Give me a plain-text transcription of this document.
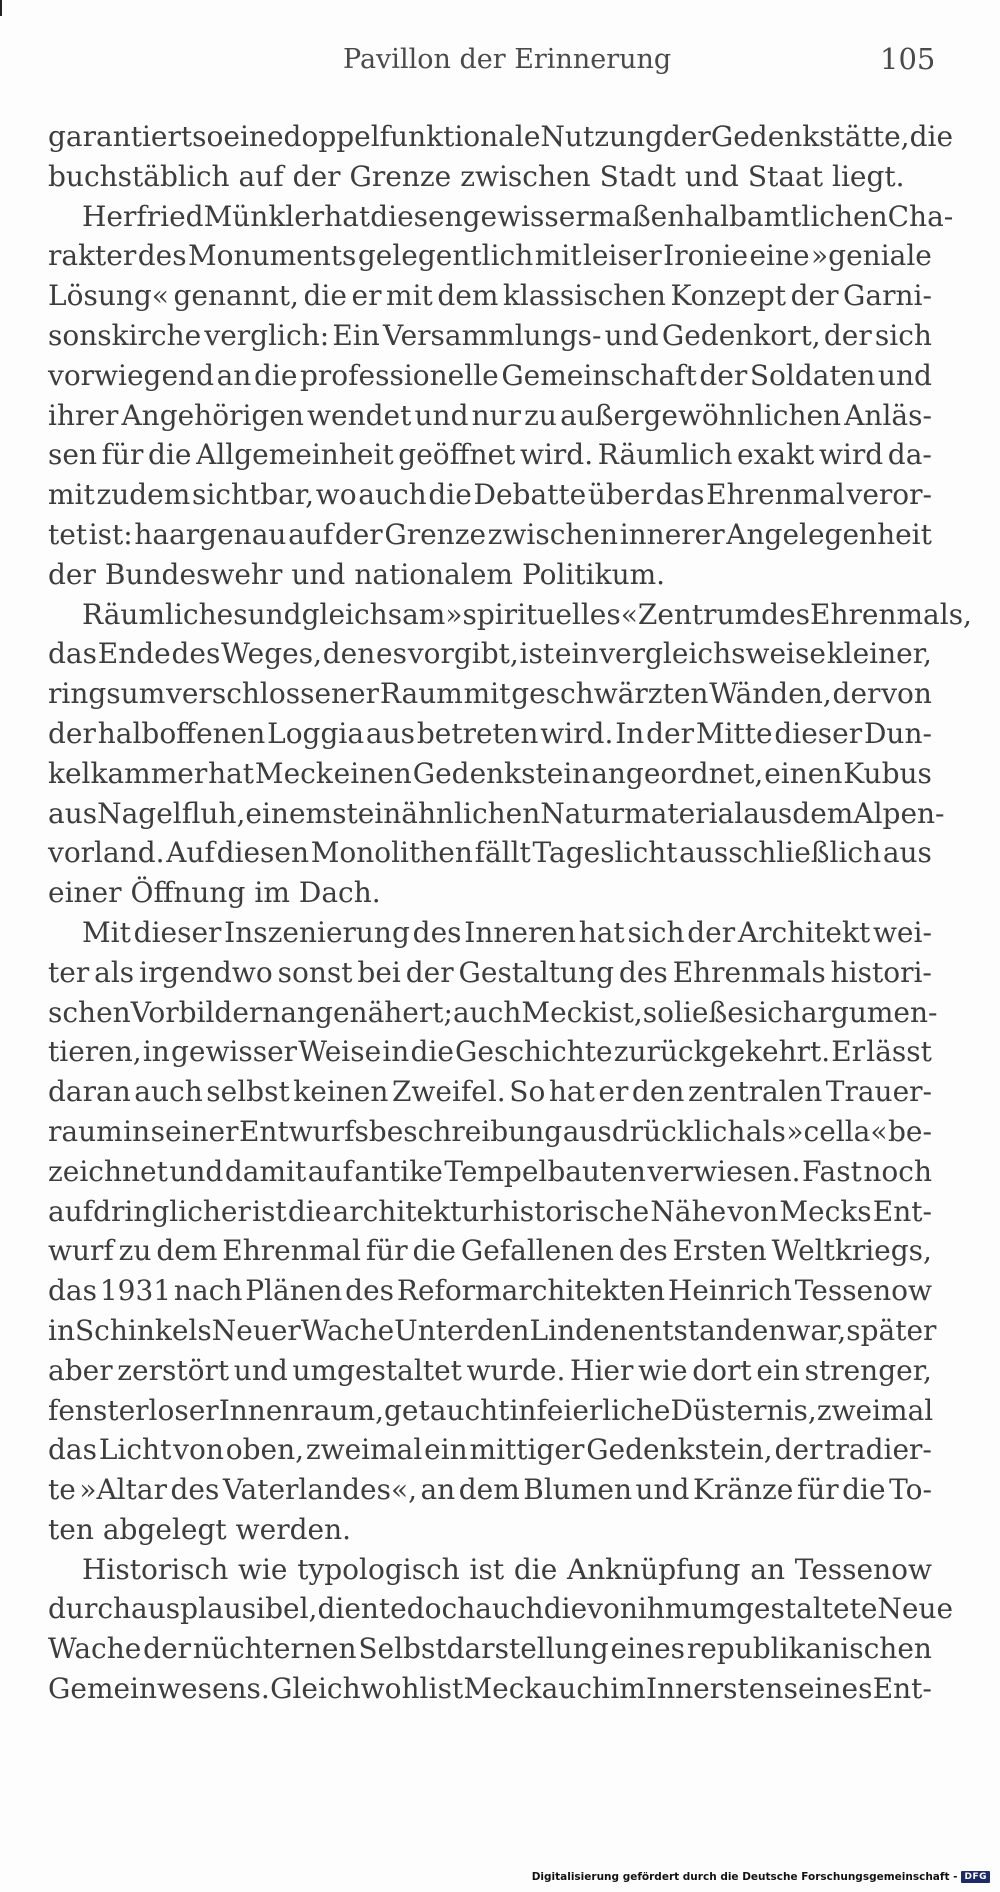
Pavillon der Erinnerung	105
garantiert so eine doppelfunktionale Nutzung der Gedenkstätte, die
buchstäblich auf der Grenze zwischen Stadt und Staat liegt.
Herfried Münkler hat diesen gewissermaßen halbamtlichen Cha-
rakter des Monuments gelegentlich mit leiser Ironie eine »geniale
Lösung« genannt, die er mit dem klassischen Konzept der Garni-
sonskirche verglich: Ein Versammlungs- und Gedenkort, der sich
vorwiegend an die professionelle Gemeinschaft der Soldaten und
ihrer Angehörigen wendet und nur zu außergewöhnlichen Anläs-
sen für die Allgemeinheit geöffnet wird. Räumlich exakt wird da-
mit zudem sichtbar, wo auch die Debatte über das Ehrenmal veror-
tet ist: haargenau auf der Grenze zwischen innerer Angelegenheit
der Bundeswehr und nationalem Politikum.
Räumliches und gleichsam »spirituelles« Zentrum des Ehrenmals,
das Ende des Weges, den es vorgibt, ist ein vergleichsweise kleiner,
ringsum verschlossener Raum mit geschwärzten Wänden, der von
der halboffenen Loggia aus betreten wird. In der Mitte dieser Dun-
kelkammer hat Meck einen Gedenkstein angeordnet, einen Kubus
aus Nagelfluh, einem steinähnlichen Naturmaterial aus dem Alpen-
vorland. Auf diesen Monolithen fällt Tageslicht ausschließlich aus
einer Öffnung im Dach.
Mit dieser Inszenierung des Inneren hat sich der Architekt wei-
ter als irgendwo sonst bei der Gestaltung des Ehrenmals histori-
schen Vorbildern angenähert; auch Meck ist, so ließe sich argumen-
tieren, in gewisser Weise in die Geschichte zurückgekehrt. Er lässt
daran auch selbst keinen Zweifel. So hat er den zentralen Trauer-
raum in seiner Entwurfsbeschreibung ausdrücklich als »cella« be-
zeichnet und damit auf antike Tempelbauten verwiesen. Fast noch
aufdringlicher ist die architekturhistorische Nähe von Mecks Ent-
wurf zu dem Ehrenmal für die Gefallenen des Ersten Weltkriegs,
das 1931 nach Plänen des Reformarchitekten Heinrich Tessenow
in Schinkels Neuer Wache Unter den Linden entstanden war, später
aber zerstört und umgestaltet wurde. Hier wie dort ein strenger,
fensterloser Innenraum, getaucht in feierliche Düsternis, zweimal
das Licht von oben, zweimal ein mittiger Gedenkstein, der tradier-
te »Altar des Vaterlandes«, an dem Blumen und Kränze für die To-
ten abgelegt werden.
Historisch wie typologisch ist die Anknüpfung an Tessenow
durchaus plausibel, diente doch auch die von ihm umgestaltete Neue
Wache der nüchternen Selbstdarstellung eines republikanischen
Gemeinwesens. Gleichwohl ist Meck auch im Innersten seines Ent-
Digitalisierung gefördert durch die Deutsche Forschungsgemeinschaft - DFG
